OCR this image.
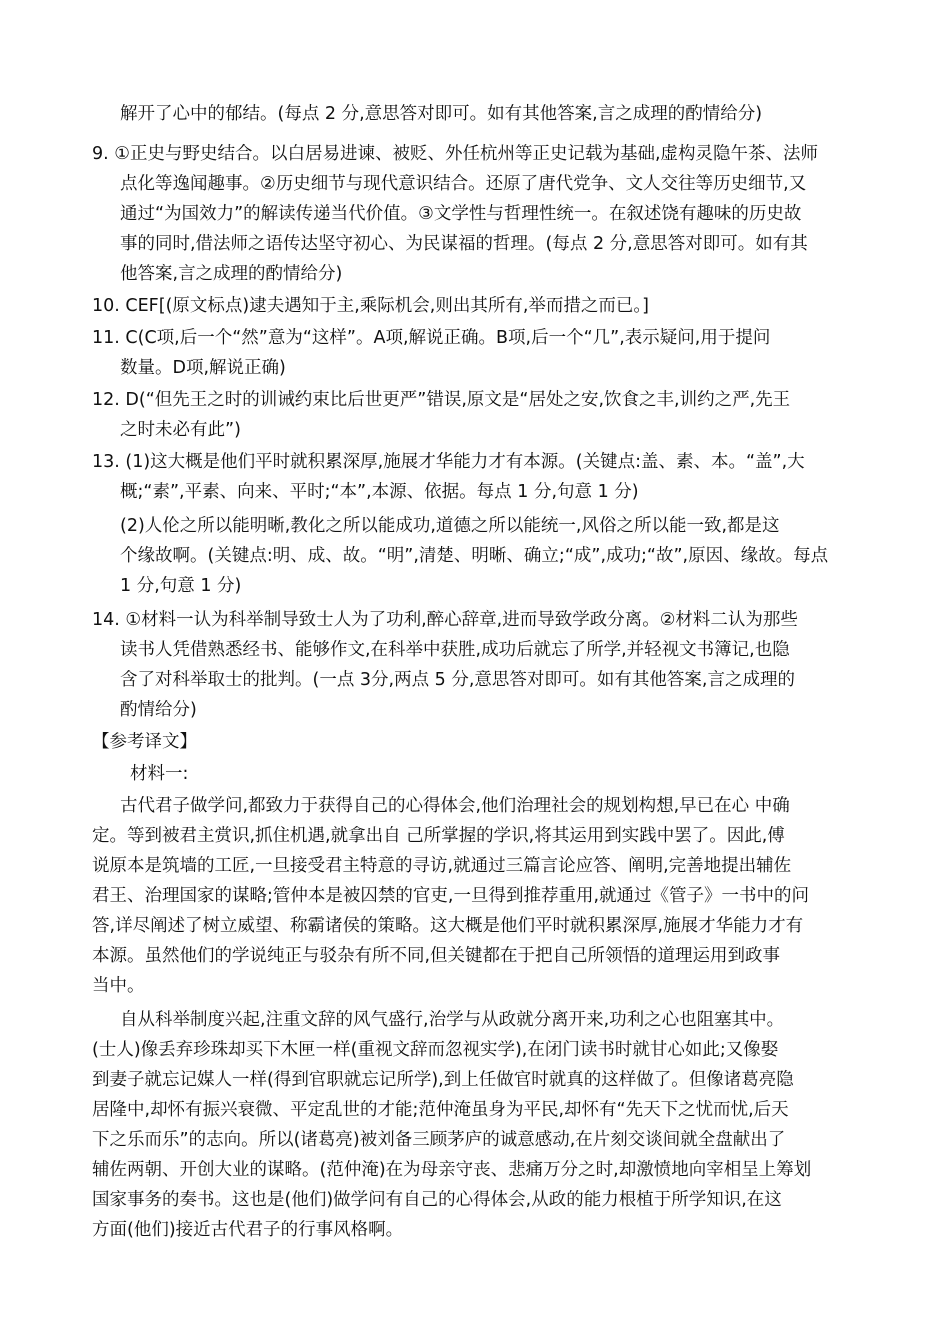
解开了心中的郁结。(每点 2 分,意思答对即可。如有其他答案,言之成理的酌情给分)
9. ①正史与野史结合。以白居易进谏、被贬、外任杭州等正史记载为基础,虚构灵隐午茶、法师
点化等逸闻趣事。②历史细节与现代意识结合。还原了唐代党争、文人交往等历史细节,又
通过“为国效力”的解读传递当代价值。③文学性与哲理性统一。在叙述饶有趣味的历史故
事的同时,借法师之语传达坚守初心、为民谋福的哲理。(每点 2 分,意思答对即可。如有其
他答案,言之成理的酌情给分)
10. CEF[(原文标点)逮夫遇知于主,乘际机会,则出其所有,举而措之而已。]
11. C(C项,后一个“然”意为“这样”。A项,解说正确。B项,后一个“几”,表示疑问,用于提问
数量。D项,解说正确)
12. D(“但先王之时的训诫约束比后世更严”错误,原文是“居处之安,饮食之丰,训约之严,先王
之时未必有此”)
13. (1)这大概是他们平时就积累深厚,施展才华能力才有本源。(关键点:盖、素、本。“盖”,大
概;“素”,平素、向来、平时;“本”,本源、依据。每点 1 分,句意 1 分)
(2)人伦之所以能明晰,教化之所以能成功,道德之所以能统一,风俗之所以能一致,都是这
个缘故啊。(关键点:明、成、故。“明”,清楚、明晰、确立;“成”,成功;“故”,原因、缘故。每点
1 分,句意 1 分)
14. ①材料一认为科举制导致士人为了功利,醉心辞章,进而导致学政分离。②材料二认为那些
读书人凭借熟悉经书、能够作文,在科举中获胜,成功后就忘了所学,并轻视文书簿记,也隐
含了对科举取士的批判。(一点 3分,两点 5 分,意思答对即可。如有其他答案,言之成理的
酌情给分)
【参考译文】
材料一:
古代君子做学问,都致力于获得自己的心得体会,他们治理社会的规划构想,早已在心 中确
定。等到被君主赏识,抓住机遇,就拿出自 己所掌握的学识,将其运用到实践中罢了。因此,傅
说原本是筑墙的工匠,一旦接受君主特意的寻访,就通过三篇言论应答、阐明,完善地提出辅佐
君王、治理国家的谋略;管仲本是被囚禁的官吏,一旦得到推荐重用,就通过《管子》一书中的问
答,详尽阐述了树立威望、称霸诸侯的策略。这大概是他们平时就积累深厚,施展才华能力才有
本源。虽然他们的学说纯正与驳杂有所不同,但关键都在于把自己所领悟的道理运用到政事
当中。
自从科举制度兴起,注重文辞的风气盛行,治学与从政就分离开来,功利之心也阻塞其中。
(士人)像丢弃珍珠却买下木匣一样(重视文辞而忽视实学),在闭门读书时就甘心如此;又像娶
到妻子就忘记媒人一样(得到官职就忘记所学),到上任做官时就真的这样做了。但像诸葛亮隐
居隆中,却怀有振兴衰微、平定乱世的才能;范仲淹虽身为平民,却怀有“先天下之忧而忧,后天
下之乐而乐”的志向。所以(诸葛亮)被刘备三顾茅庐的诚意感动,在片刻交谈间就全盘献出了
辅佐两朝、开创大业的谋略。(范仲淹)在为母亲守丧、悲痛万分之时,却激愤地向宰相呈上筹划
国家事务的奏书。这也是(他们)做学问有自己的心得体会,从政的能力根植于所学知识,在这
方面(他们)接近古代君子的行事风格啊。
